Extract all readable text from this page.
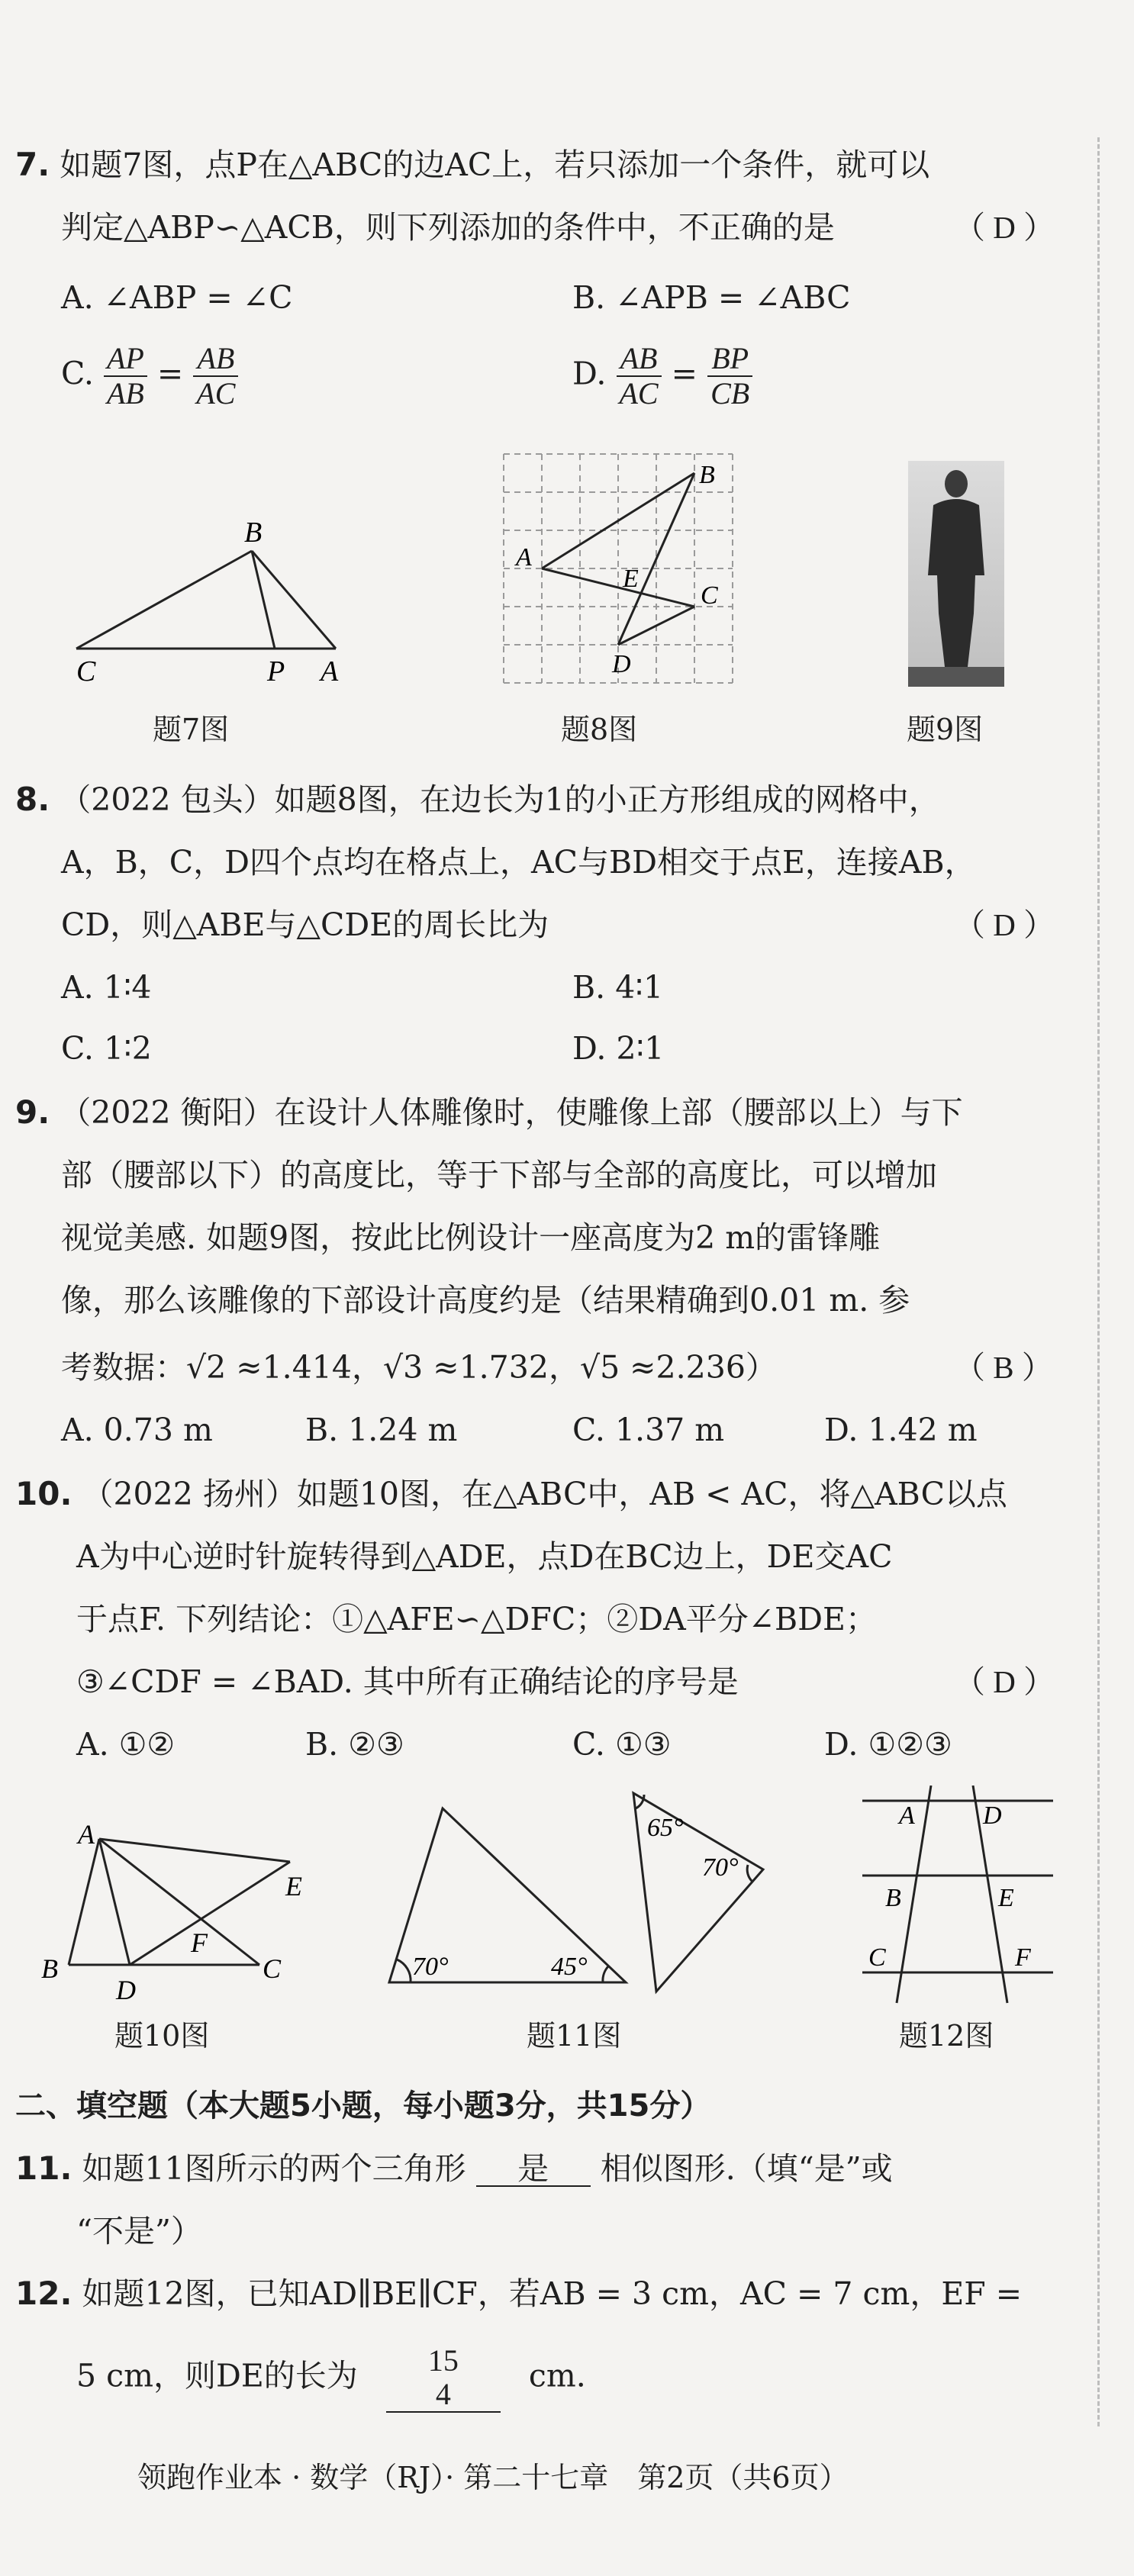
7. 如题7图，点P在△ABC的边AC上，若只添加一个条件，就可以
判定△ABP∽△ACB，则下列添加的条件中，不正确的是	（ D ）
A. ∠ABP = ∠C	B. ∠APB = ∠ABC
C. $\frac{AP}{AB} = \frac{AB}{AC}$	D. $\frac{AB}{AC} = \frac{BP}{CB}$
B
C	P A
题7图
B
A
E
C
D
题8图	题9图
8. （2022 包头）如题8图，在边长为1的小正方形组成的网格中，
A，B，C，D四个点均在格点上，AC与BD相交于点E，连接AB，
CD，则△ABE与△CDE的周长比为	（ D ）
A. 1∶4	B. 4∶1
C. 1∶2	D. 2∶1
9. （2022 衡阳）在设计人体雕像时，使雕像上部（腰部以上）与下
部（腰部以下）的高度比，等于下部与全部的高度比，可以增加
视觉美感. 如题9图，按此比例设计一座高度为2 m的雷锋雕
像，那么该雕像的下部设计高度约是（结果精确到0.01 m. 参
考数据：√2 ≈1.414，√3 ≈1.732，√5 ≈2.236）	（ B ）
A. 0.73 m	B. 1.24 m	C. 1.37 m	D. 1.42 m
10. （2022 扬州）如题10图，在△ABC中，AB < AC，将△ABC以点
A为中心逆时针旋转得到△ADE，点D在BC边上，DE交AC
于点F. 下列结论：①△AFE∽△DFC；②DA平分∠BDE；
③∠CDF = ∠BAD. 其中所有正确结论的序号是	（ D ）
A. ①②	B. ②③	C. ①③	D. ①②③
A
B
D
F
C
E
题10图
70°	45°
65°
70°
题11图
A	D
B	E
C	F
题12图
二、填空题（本大题5小题，每小题3分，共15分）
11. 如题11图所示的两个三角形 是 相似图形.（填“是”或
“不是”）
12. 如题12图，已知AD∥BE∥CF，若AB = 3 cm，AC = 7 cm，EF =
5 cm，则DE的长为	15
4	cm.
领跑作业本 · 数学（RJ）· 第二十七章　第2页（共6页）
